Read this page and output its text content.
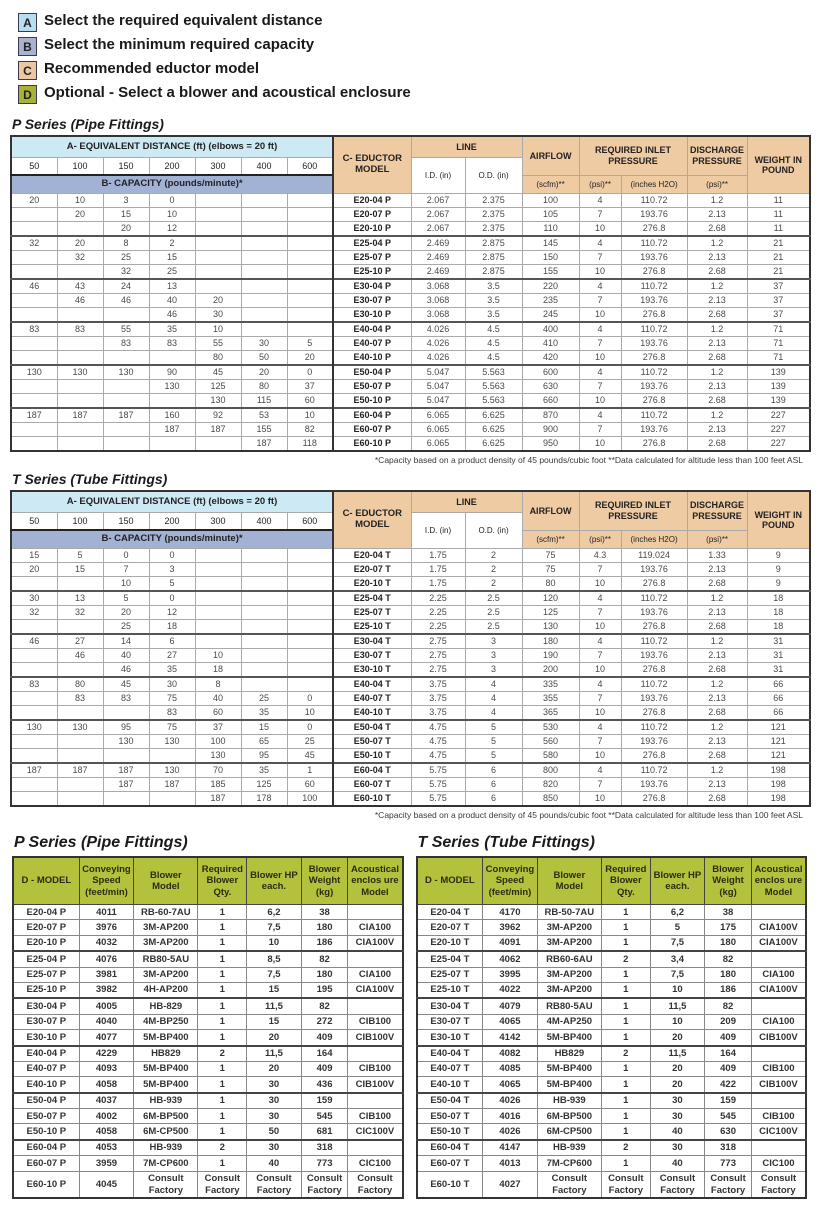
A Select the required equivalent distance
B Select the minimum required capacity
C Recommended eductor model
D Optional - Select a blower and acoustical enclosure
P Series (Pipe Fittings)
A- EQUIVALENT DISTANCE (ft) (elbows = 20 ft)							C- EDUCTOR MODEL	LINE		AIRFLOW	REQUIRED INLET PRESSURE		DISCHARGE PRESSURE	WEIGHT IN POUND
50	100	150	200	300	400	600		I.D. (in)	O.D. (in)					
B- CAPACITY (pounds/minute)*										(scfm)**	(psi)**	(inches H2O)	(psi)**	
20	10	3	0				E20-04 P	2.067	2.375	100	4	110.72	1.2	11
	20	15	10				E20-07 P	2.067	2.375	105	7	193.76	2.13	11
		20	12				E20-10 P	2.067	2.375	110	10	276.8	2.68	11
32	20	8	2				E25-04 P	2.469	2.875	145	4	110.72	1.2	21
	32	25	15				E25-07 P	2.469	2.875	150	7	193.76	2.13	21
		32	25				E25-10 P	2.469	2.875	155	10	276.8	2.68	21
46	43	24	13				E30-04 P	3.068	3.5	220	4	110.72	1.2	37
	46	46	40	20			E30-07 P	3.068	3.5	235	7	193.76	2.13	37
			46	30			E30-10 P	3.068	3.5	245	10	276.8	2.68	37
83	83	55	35	10			E40-04 P	4.026	4.5	400	4	110.72	1.2	71
		83	83	55	30	5	E40-07 P	4.026	4.5	410	7	193.76	2.13	71
				80	50	20	E40-10 P	4.026	4.5	420	10	276.8	2.68	71
130	130	130	90	45	20	0	E50-04 P	5.047	5.563	600	4	110.72	1.2	139
			130	125	80	37	E50-07 P	5.047	5.563	630	7	193.76	2.13	139
				130	115	60	E50-10 P	5.047	5.563	660	10	276.8	2.68	139
187	187	187	160	92	53	10	E60-04 P	6.065	6.625	870	4	110.72	1.2	227
			187	187	155	82	E60-07 P	6.065	6.625	900	7	193.76	2.13	227
					187	118	E60-10 P	6.065	6.625	950	10	276.8	2.68	227
*Capacity based on a product density of 45 pounds/cubic foot **Data calculated for altitude less than 100 feet ASL
T Series (Tube Fittings)
A- EQUIVALENT DISTANCE (ft) (elbows = 20 ft)							C- EDUCTOR MODEL	LINE		AIRFLOW	REQUIRED INLET PRESSURE		DISCHARGE PRESSURE	WEIGHT IN POUND
50	100	150	200	300	400	600		I.D. (in)	O.D. (in)					
B- CAPACITY (pounds/minute)*										(scfm)**	(psi)**	(inches H2O)	(psi)**	
15	5	0	0				E20-04 T	1.75	2	75	4.3	119.024	1.33	9
20	15	7	3				E20-07 T	1.75	2	75	7	193.76	2.13	9
		10	5				E20-10 T	1.75	2	80	10	276.8	2.68	9
30	13	5	0				E25-04 T	2.25	2.5	120	4	110.72	1.2	18
32	32	20	12				E25-07 T	2.25	2.5	125	7	193.76	2.13	18
		25	18				E25-10 T	2.25	2.5	130	10	276.8	2.68	18
46	27	14	6				E30-04 T	2.75	3	180	4	110.72	1.2	31
	46	40	27	10			E30-07 T	2.75	3	190	7	193.76	2.13	31
		46	35	18			E30-10 T	2.75	3	200	10	276.8	2.68	31
83	80	45	30	8			E40-04 T	3.75	4	335	4	110.72	1.2	66
	83	83	75	40	25	0	E40-07 T	3.75	4	355	7	193.76	2.13	66
			83	60	35	10	E40-10 T	3.75	4	365	10	276.8	2.68	66
130	130	95	75	37	15	0	E50-04 T	4.75	5	530	4	110.72	1.2	121
		130	130	100	65	25	E50-07 T	4.75	5	560	7	193.76	2.13	121
				130	95	45	E50-10 T	4.75	5	580	10	276.8	2.68	121
187	187	187	130	70	35	1	E60-04 T	5.75	6	800	4	110.72	1.2	198
		187	187	185	125	60	E60-07 T	5.75	6	820	7	193.76	2.13	198
				187	178	100	E60-10 T	5.75	6	850	10	276.8	2.68	198
*Capacity based on a product density of 45 pounds/cubic foot **Data calculated for altitude less than 100 feet ASL
P Series (Pipe Fittings)
D - MODEL	Conveying Speed (feet/min)	Blower Model	Required Blower Qty.	Blower HP each.	Blower Weight (kg)	Acoustical enclos ure Model
E20-04 P	4011	RB-60-7AU	1	6,2	38	
E20-07 P	3976	3M-AP200	1	7,5	180	CIA100
E20-10 P	4032	3M-AP200	1	10	186	CIA100V
E25-04 P	4076	RB80-5AU	1	8,5	82	
E25-07 P	3981	3M-AP200	1	7,5	180	CIA100
E25-10 P	3982	4H-AP200	1	15	195	CIA100V
E30-04 P	4005	HB-829	1	11,5	82	
E30-07 P	4040	4M-BP250	1	15	272	CIB100
E30-10 P	4077	5M-BP400	1	20	409	CIB100V
E40-04 P	4229	HB829	2	11,5	164	
E40-07 P	4093	5M-BP400	1	20	409	CIB100
E40-10 P	4058	5M-BP400	1	30	436	CIB100V
E50-04 P	4037	HB-939	1	30	159	
E50-07 P	4002	6M-BP500	1	30	545	CIB100
E50-10 P	4058	6M-CP500	1	50	681	CIC100V
E60-04 P	4053	HB-939	2	30	318	
E60-07 P	3959	7M-CP600	1	40	773	CIC100
E60-10 P	4045	Consult Factory	Consult Factory	Consult Factory	Consult Factory	Consult Factory
T Series (Tube Fittings)
D - MODEL	Conveying Speed (feet/min)	Blower Model	Required Blower Qty.	Blower HP each.	Blower Weight (kg)	Acoustical enclos ure Model
E20-04 T	4170	RB-50-7AU	1	6,2	38	
E20-07 T	3962	3M-AP200	1	5	175	CIA100V
E20-10 T	4091	3M-AP200	1	7,5	180	CIA100V
E25-04 T	4062	RB60-6AU	2	3,4	82	
E25-07 T	3995	3M-AP200	1	7,5	180	CIA100
E25-10 T	4022	3M-AP200	1	10	186	CIA100V
E30-04 T	4079	RB80-5AU	1	11,5	82	
E30-07 T	4065	4M-AP250	1	10	209	CIA100
E30-10 T	4142	5M-BP400	1	20	409	CIB100V
E40-04 T	4082	HB829	2	11,5	164	
E40-07 T	4085	5M-BP400	1	20	409	CIB100
E40-10 T	4065	5M-BP400	1	20	422	CIB100V
E50-04 T	4026	HB-939	1	30	159	
E50-07 T	4016	6M-BP500	1	30	545	CIB100
E50-10 T	4026	6M-CP500	1	40	630	CIC100V
E60-04 T	4147	HB-939	2	30	318	
E60-07 T	4013	7M-CP600	1	40	773	CIC100
E60-10 T	4027	Consult Factory	Consult Factory	Consult Factory	Consult Factory	Consult Factory
